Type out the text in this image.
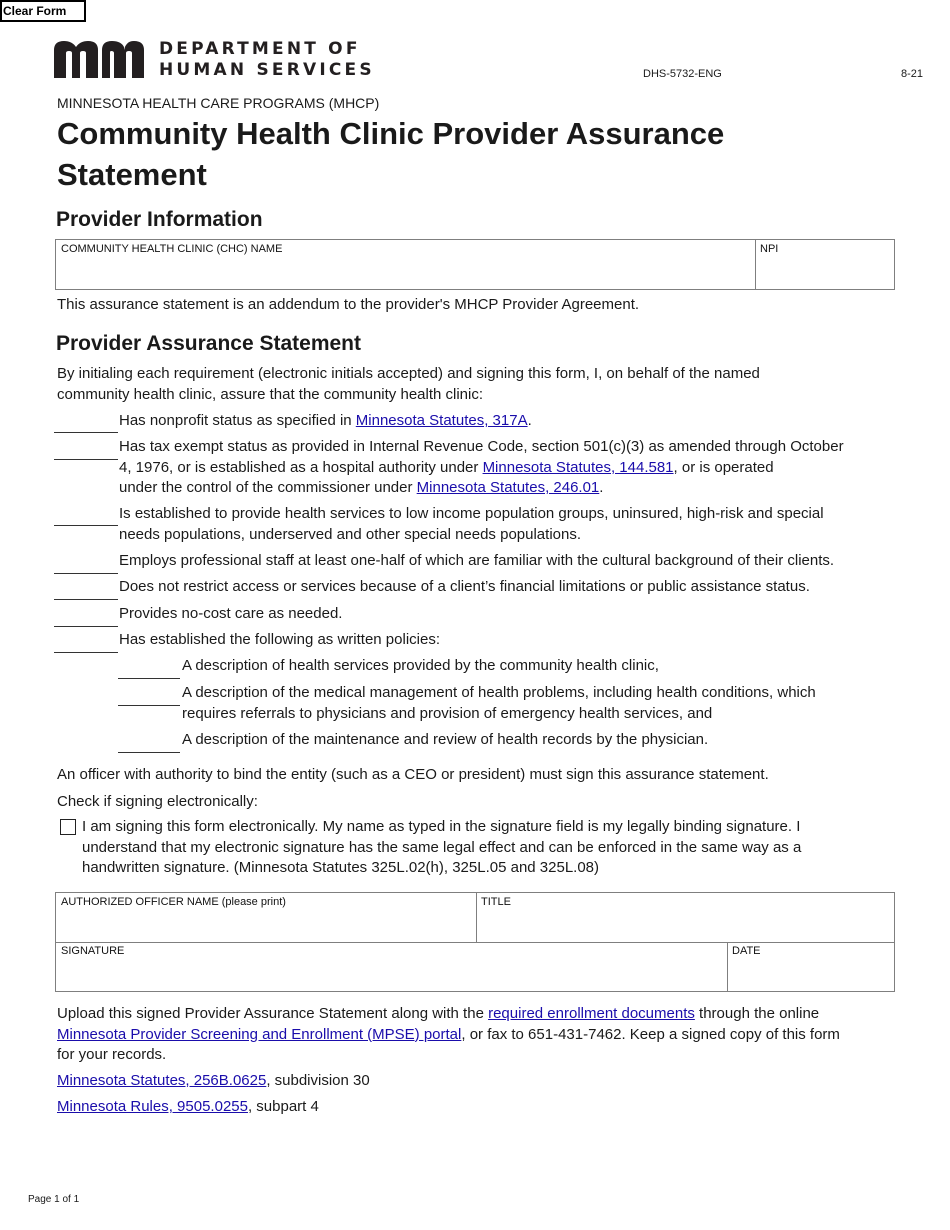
Clear Form
DEPARTMENT OF
HUMAN SERVICES	DHS-5732-ENG	8-21
MINNESOTA HEALTH CARE PROGRAMS (MHCP)
Community Health Clinic Provider Assurance
Statement
Provider Information
COMMUNITY HEALTH CLINIC (CHC) NAME	NPI
This assurance statement is an addendum to the provider's MHCP Provider Agreement.
Provider Assurance Statement
By initialing each requirement (electronic initials accepted) and signing this form, I, on behalf of the named
community health clinic, assure that the community health clinic:
Has nonprofit status as specified in Minnesota Statutes, 317A.
Has tax exempt status as provided in Internal Revenue Code, section 501(c)(3) as amended through October
4, 1976, or is established as a hospital authority under Minnesota Statutes, 144.581, or is operated
under the control of the commissioner under Minnesota Statutes, 246.01.
Is established to provide health services to low income population groups, uninsured, high-risk and special
needs populations, underserved and other special needs populations.
Employs professional staff at least one-half of which are familiar with the cultural background of their clients.
Does not restrict access or services because of a client’s financial limitations or public assistance status.
Provides no-cost care as needed.
Has established the following as written policies:
A description of health services provided by the community health clinic,
A description of the medical management of health problems, including health conditions, which
requires referrals to physicians and provision of emergency health services, and
A description of the maintenance and review of health records by the physician.
An officer with authority to bind the entity (such as a CEO or president) must sign this assurance statement.
Check if signing electronically:
I am signing this form electronically. My name as typed in the signature field is my legally binding signature. I
understand that my electronic signature has the same legal effect and can be enforced in the same way as a
handwritten signature. (Minnesota Statutes 325L.02(h), 325L.05 and 325L.08)
AUTHORIZED OFFICER NAME (please print)	TITLE
SIGNATURE	DATE
Upload this signed Provider Assurance Statement along with the required enrollment documents through the online
Minnesota Provider Screening and Enrollment (MPSE) portal, or fax to 651-431-7462. Keep a signed copy of this form
for your records.
Minnesota Statutes, 256B.0625, subdivision 30
Minnesota Rules, 9505.0255, subpart 4
Page 1 of 1
